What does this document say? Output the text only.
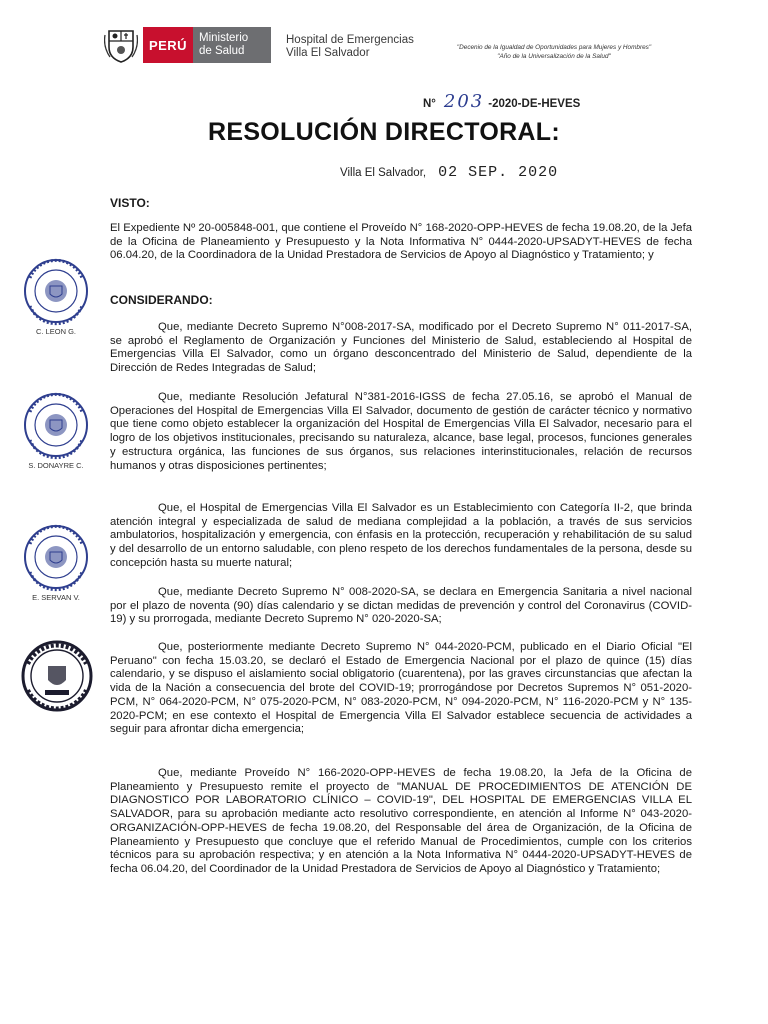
PERÚ	Ministerio
de Salud
Hospital de Emergencias
Villa El Salvador	"Decenio de la Igualdad de Oportunidades para Mujeres y Hombres"
"Año de la Universalización de la Salud"
N° 203 -2020-DE-HEVES
RESOLUCIÓN DIRECTORAL:
Villa El Salvador, 02 SEP. 2020
VISTO:
El Expediente Nº 20-005848-001, que contiene el Proveído N° 168-2020-OPP-HEVES de fecha 19.08.20, de la Jefa de la Oficina de Planeamiento y Presupuesto y la Nota Informativa N° 0444-2020-UPSADYT-HEVES de fecha 06.04.20, de la Coordinadora de la Unidad Prestadora de Servicios de Apoyo al Diagnóstico y Tratamiento; y
CONSIDERANDO:
Que, mediante Decreto Supremo N°008-2017-SA, modificado por el Decreto Supremo N° 011-2017-SA, se aprobó el Reglamento de Organización y Funciones del Ministerio de Salud, estableciendo al Hospital de Emergencias Villa El Salvador, como un órgano desconcentrado del Ministerio de Salud, dependiente de la Dirección de Redes Integradas de Salud;
Que, mediante Resolución Jefatural N°381-2016-IGSS de fecha 27.05.16, se aprobó el Manual de Operaciones del Hospital de Emergencias Villa El Salvador, documento de gestión de carácter técnico y normativo que tiene como objeto establecer la organización del Hospital de Emergencias Villa El Salvador, necesario para el logro de los objetivos institucionales, precisando su naturaleza, alcance, base legal, procesos, funciones generales y estructura orgánica, las funciones de sus órganos, sus relaciones interinstitucionales, relación de recursos humanos y otras disposiciones pertinentes;
Que, el Hospital de Emergencias Villa El Salvador es un Establecimiento con Categoría II-2, que brinda atención integral y especializada de salud de mediana complejidad a la población, a través de sus servicios ambulatorios, hospitalización y emergencia, con énfasis en la protección, recuperación y rehabilitación de su salud y del desarrollo de un entorno saludable, con pleno respeto de los derechos fundamentales de la persona, desde su concepción hasta su muerte natural;
Que, mediante Decreto Supremo N° 008-2020-SA, se declara en Emergencia Sanitaria a nivel nacional por el plazo de noventa (90) días calendario y se dictan medidas de prevención y control del Coronavirus (COVID-19) y su prorrogada, mediante Decreto Supremo N° 020-2020-SA;
Que, posteriormente mediante Decreto Supremo N° 044-2020-PCM, publicado en el Diario Oficial "El Peruano" con fecha 15.03.20, se declaró el Estado de Emergencia Nacional por el plazo de quince (15) días calendario, y se dispuso el aislamiento social obligatorio (cuarentena), por las graves circunstancias que afectan la vida de la Nación a consecuencia del brote del COVID-19; prorrogándose por Decretos Supremos N° 051-2020-PCM, N° 064-2020-PCM, N° 075-2020-PCM, N° 083-2020-PCM, N° 094-2020-PCM, N° 116-2020-PCM y N° 135-2020-PCM; en ese contexto el Hospital de Emergencia Villa El Salvador establece secuencia de actividades a seguir para afrontar dicha emergencia;
Que, mediante Proveído N° 166-2020-OPP-HEVES de fecha 19.08.20, la Jefa de la Oficina de Planeamiento y Presupuesto remite el proyecto de "MANUAL DE PROCEDIMIENTOS DE ATENCIÓN DE DIAGNOSTICO POR LABORATORIO CLÍNICO – COVID-19", DEL HOSPITAL DE EMERGENCIAS VILLA EL SALVADOR, para su aprobación mediante acto resolutivo correspondiente, en atención al Informe N° 043-2020-ORGANIZACIÓN-OPP-HEVES de fecha 19.08.20, del Responsable del área de Organización, de la Oficina de Planeamiento y Presupuesto que concluye que el referido Manual de Procedimientos, cumple con los criterios técnicos para su aprobación respectiva; y en atención a la Nota Informativa N° 0444-2020-UPSADYT-HEVES de fecha 06.04.20, del Coordinador de la Unidad Prestadora de Servicios de Apoyo al Diagnóstico y Tratamiento;
C. LEON G.
S. DONAYRE C.
E. SERVAN V.
